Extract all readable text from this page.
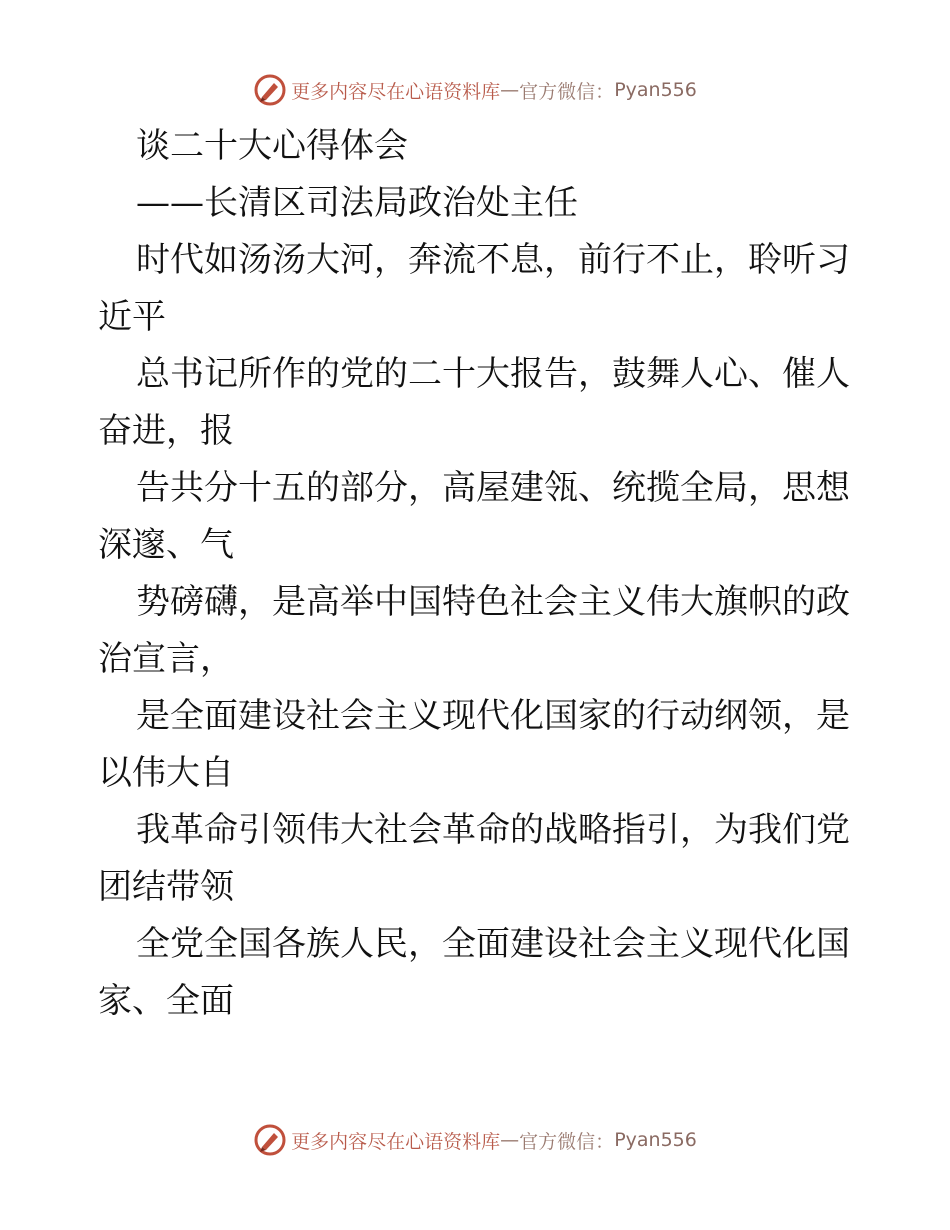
更多内容尽在心语资料库 — 官方微信： Pyan556
谈二十大心得体会
——长清区司法局政治处主任
时代如汤汤大河，奔流不息，前行不止，聆听习
近平
总书记所作的党的二十大报告，鼓舞人心、催人
奋进，报
告共分十五的部分，高屋建瓴、统揽全局，思想
深邃、气
势磅礴，是高举中国特色社会主义伟大旗帜的政
治宣言，
是全面建设社会主义现代化国家的行动纲领，是
以伟大自
我革命引领伟大社会革命的战略指引，为我们党
团结带领
全党全国各族人民，全面建设社会主义现代化国
家、全面
更多内容尽在心语资料库 — 官方微信： Pyan556
